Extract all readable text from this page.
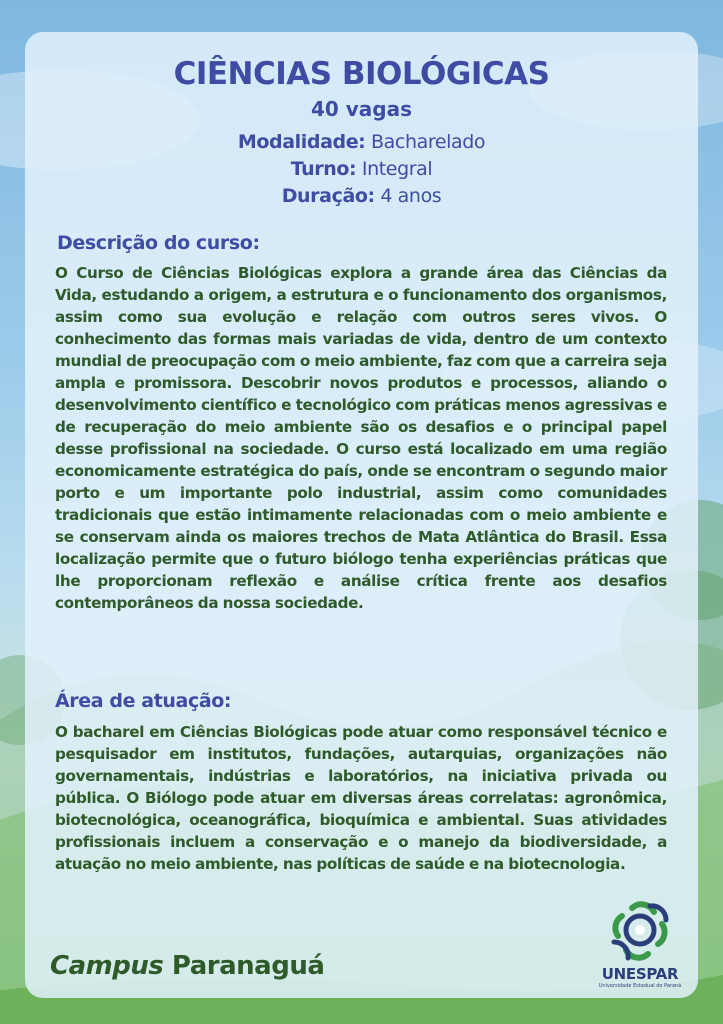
CIÊNCIAS BIOLÓGICAS
40 vagas
Modalidade: Bacharelado
Turno: Integral
Duração: 4 anos
Descrição do curso:

O Curso de Ciências Biológicas explora a grande área das Ciências da Vida, estudando a origem, a estrutura e o funcionamento dos organismos, assim como sua evolução e relação com outros seres vivos. O conhecimento das formas mais variadas de vida, dentro de um contexto mundial de preocupação com o meio ambiente, faz com que a carreira seja ampla e promissora. Descobrir novos produtos e processos, aliando o desenvolvimento científico e tecnológico com práticas menos agressivas e de recuperação do meio ambiente são os desafios e o principal papel desse profissional na sociedade. O curso está localizado em uma região economicamente estratégica do país, onde se encontram o segundo maior porto e um importante polo industrial, assim como comunidades tradicionais que estão intimamente relacionadas com o meio ambiente e se conservam ainda os maiores trechos de Mata Atlântica do Brasil. Essa localização permite que o futuro biólogo tenha experiências práticas que lhe proporcionam reflexão e análise crítica frente aos desafios contemporâneos da nossa sociedade.

Área de atuação:

O bacharel em Ciências Biológicas pode atuar como responsável técnico e pesquisador em institutos, fundações, autarquias, organizações não governamentais, indústrias e laboratórios, na iniciativa privada ou pública. O Biólogo pode atuar em diversas áreas correlatas: agronômica, biotecnológica, oceanográfica, bioquímica e ambiental. Suas atividades profissionais incluem a conservação e o manejo da biodiversidade, a atuação no meio ambiente, nas políticas de saúde e na biotecnologia.

Campus Paranaguá	UNESPAR
Universidade Estadual do Paraná
